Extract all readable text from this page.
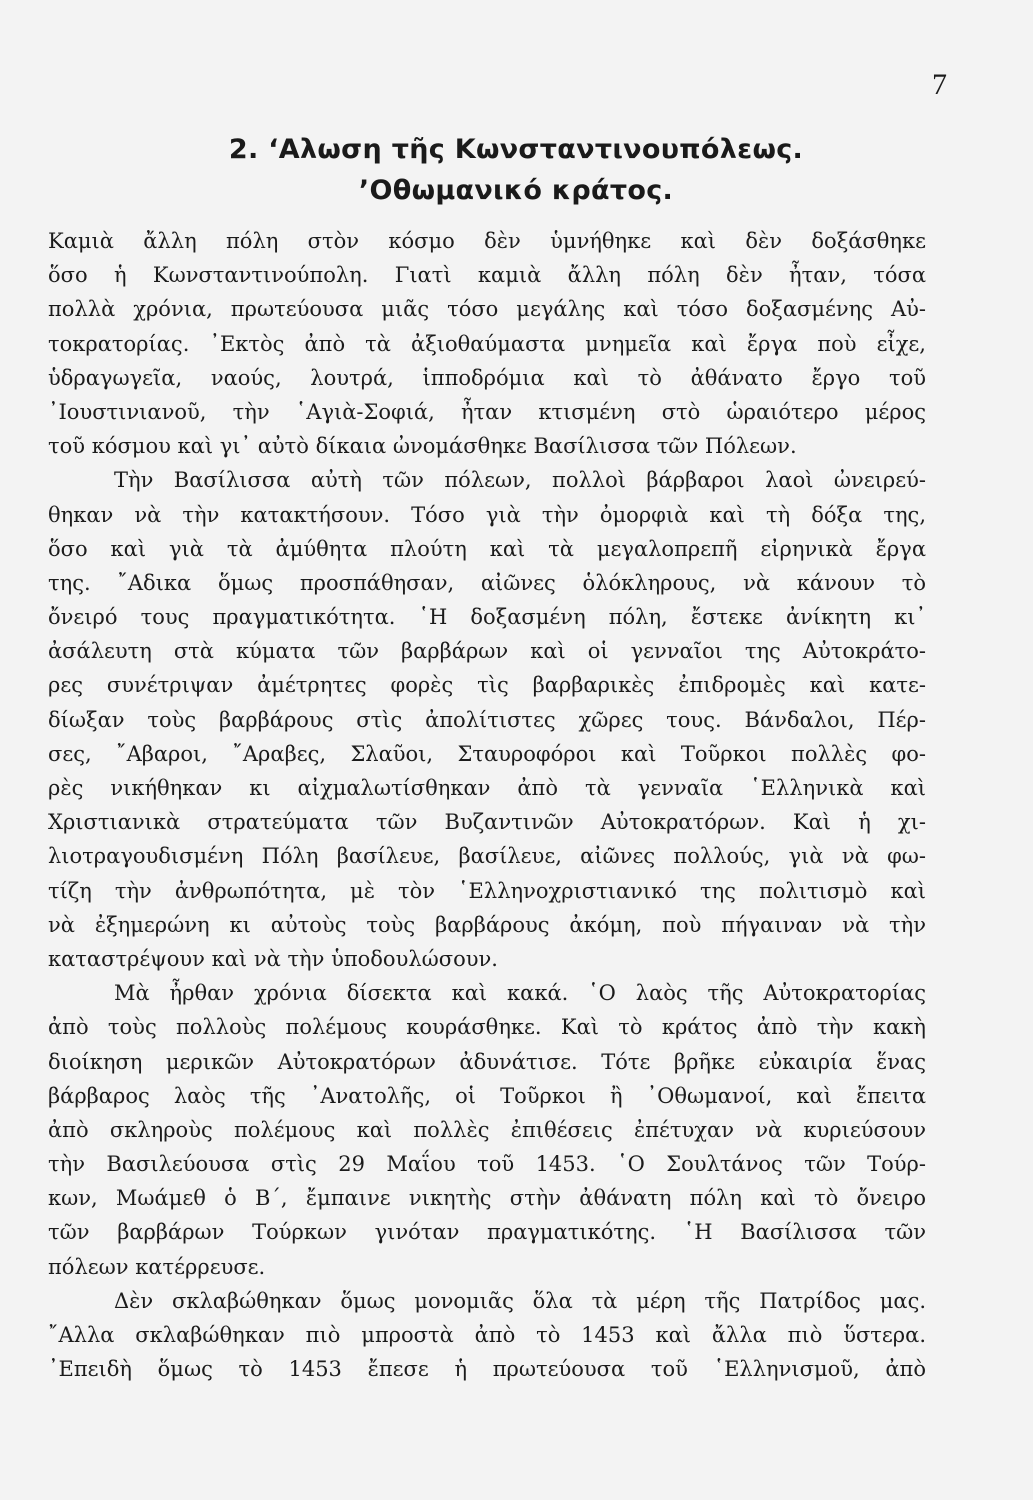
7
2. ‘Αλωση τῆς Κωνσταντινουπόλεως.
’Οθωμανικό κράτος.
Καμιὰ ἄλλη πόλη στὸν κόσμο δὲν ὑμνήθηκε καὶ δὲν δοξάσθηκε
ὅσο ἡ Κωνσταντινούπολη. Γιατὶ καμιὰ ἄλλη πόλη δὲν ἦταν, τόσα
πολλὰ χρόνια, πρωτεύουσα μιᾶς τόσο μεγάλης καὶ τόσο δοξασμένης Αὐ-
τοκρατορίας. ᾿Εκτὸς ἀπὸ τὰ ἀξιοθαύμαστα μνημεῖα καὶ ἔργα ποὺ εἶχε,
ὑδραγωγεῖα, ναούς, λουτρά, ἱπποδρόμια καὶ τὸ ἀθάνατο ἔργο τοῦ
᾿Ιουστινιανοῦ, τὴν ῾Αγιὰ-Σοφιά, ἦταν κτισμένη στὸ ὡραιότερο μέρος
τοῦ κόσμου καὶ γι᾿ αὐτὸ δίκαια ὠνομάσθηκε Βασίλισσα τῶν Πόλεων.
Τὴν Βασίλισσα αὐτὴ τῶν πόλεων, πολλοὶ βάρβαροι λαοὶ ὠνειρεύ-
θηκαν νὰ τὴν κατακτήσουν. Τόσο γιὰ τὴν ὀμορφιὰ καὶ τὴ δόξα της,
ὅσο καὶ γιὰ τὰ ἀμύθητα πλούτη καὶ τὰ μεγαλοπρεπῆ εἰρηνικὰ ἔργα
της. ῎Αδικα ὅμως προσπάθησαν, αἰῶνες ὁλόκληρους, νὰ κάνουν τὸ
ὄνειρό τους πραγματικότητα. ῾Η δοξασμένη πόλη, ἔστεκε ἀνίκητη κι᾿
ἀσάλευτη στὰ κύματα τῶν βαρβάρων καὶ οἱ γενναῖοι της Αὐτοκράτο-
ρες συνέτριψαν ἀμέτρητες φορὲς τὶς βαρβαρικὲς ἐπιδρομὲς καὶ κατε-
δίωξαν τοὺς βαρβάρους στὶς ἀπολίτιστες χῶρες τους. Βάνδαλοι, Πέρ-
σες, ῎Αβαροι, ῎Αραβες, Σλαῦοι, Σταυροφόροι καὶ Τοῦρκοι πολλὲς φο-
ρὲς νικήθηκαν κι αἰχμαλωτίσθηκαν ἀπὸ τὰ γενναῖα ῾Ελληνικὰ καὶ
Χριστιανικὰ στρατεύματα τῶν Βυζαντινῶν Αὐτοκρατόρων. Καὶ ἡ χι-
λιοτραγουδισμένη Πόλη βασίλευε, βασίλευε, αἰῶνες πολλούς, γιὰ νὰ φω-
τίζη τὴν ἀνθρωπότητα, μὲ τὸν ῾Ελληνοχριστιανικό της πολιτισμὸ καὶ
νὰ ἐξημερώνη κι αὐτοὺς τοὺς βαρβάρους ἀκόμη, ποὺ πήγαιναν νὰ τὴν
καταστρέψουν καὶ νὰ τὴν ὑποδουλώσουν.
Μὰ ἦρθαν χρόνια δίσεκτα καὶ κακά. ῾Ο λαὸς τῆς Αὐτοκρατορίας
ἀπὸ τοὺς πολλοὺς πολέμους κουράσθηκε. Καὶ τὸ κράτος ἀπὸ τὴν κακὴ
διοίκηση μερικῶν Αὐτοκρατόρων ἀδυνάτισε. Τότε βρῆκε εὐκαιρία ἕνας
βάρβαρος λαὸς τῆς ᾿Ανατολῆς, οἱ Τοῦρκοι ἢ ᾿Οθωμανοί, καὶ ἔπειτα
ἀπὸ σκληροὺς πολέμους καὶ πολλὲς ἐπιθέσεις ἐπέτυχαν νὰ κυριεύσουν
τὴν Βασιλεύουσα στὶς 29 Μαΐου τοῦ 1453. ῾Ο Σουλτάνος τῶν Τούρ-
κων, Μωάμεθ ὁ Β΄, ἔμπαινε νικητὴς στὴν ἀθάνατη πόλη καὶ τὸ ὄνειρο
τῶν βαρβάρων Τούρκων γινόταν πραγματικότης. ῾Η Βασίλισσα τῶν
πόλεων κατέρρευσε.
Δὲν σκλαβώθηκαν ὅμως μονομιᾶς ὅλα τὰ μέρη τῆς Πατρίδος μας.
῎Αλλα σκλαβώθηκαν πιὸ μπροστὰ ἀπὸ τὸ 1453 καὶ ἄλλα πιὸ ὕστερα.
᾿Επειδὴ ὅμως τὸ 1453 ἔπεσε ἡ πρωτεύουσα τοῦ ῾Ελληνισμοῦ, ἀπὸ
